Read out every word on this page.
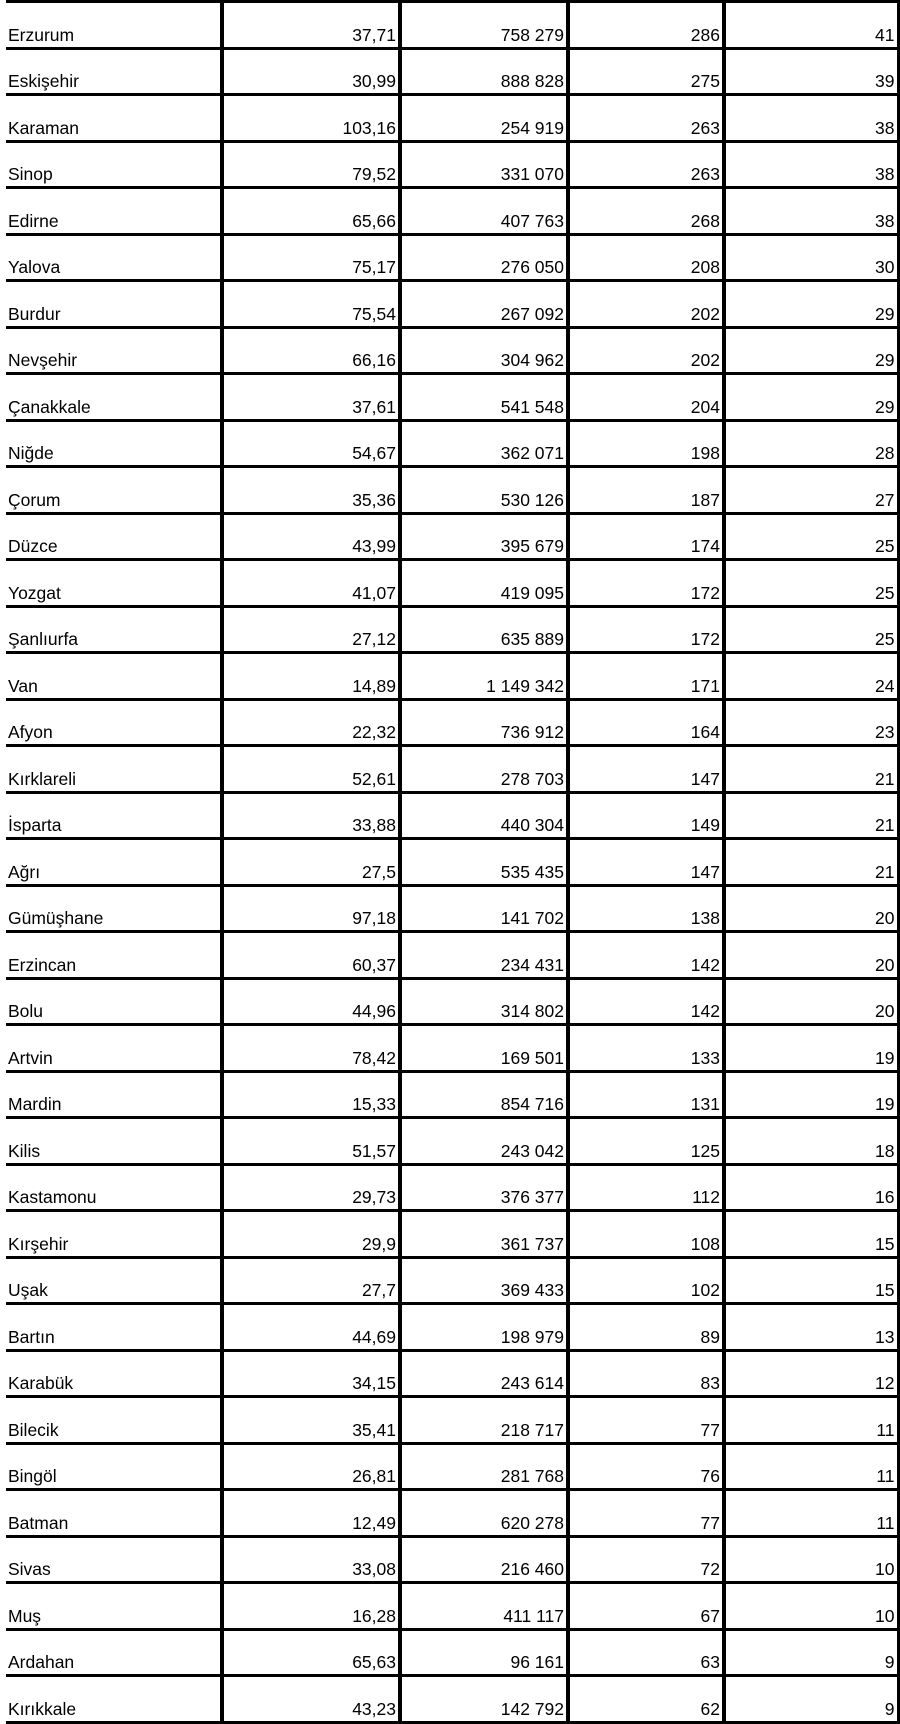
Erzurum	37,71	758 279	286	41
Eskişehir	30,99	888 828	275	39
Karaman	103,16	254 919	263	38
Sinop	79,52	331 070	263	38
Edirne	65,66	407 763	268	38
Yalova	75,17	276 050	208	30
Burdur	75,54	267 092	202	29
Nevşehir	66,16	304 962	202	29
Çanakkale	37,61	541 548	204	29
Niğde	54,67	362 071	198	28
Çorum	35,36	530 126	187	27
Düzce	43,99	395 679	174	25
Yozgat	41,07	419 095	172	25
Şanlıurfa	27,12	635 889	172	25
Van	14,89	1 149 342	171	24
Afyon	22,32	736 912	164	23
Kırklareli	52,61	278 703	147	21
İsparta	33,88	440 304	149	21
Ağrı	27,5	535 435	147	21
Gümüşhane	97,18	141 702	138	20
Erzincan	60,37	234 431	142	20
Bolu	44,96	314 802	142	20
Artvin	78,42	169 501	133	19
Mardin	15,33	854 716	131	19
Kilis	51,57	243 042	125	18
Kastamonu	29,73	376 377	112	16
Kırşehir	29,9	361 737	108	15
Uşak	27,7	369 433	102	15
Bartın	44,69	198 979	89	13
Karabük	34,15	243 614	83	12
Bilecik	35,41	218 717	77	11
Bingöl	26,81	281 768	76	11
Batman	12,49	620 278	77	11
Sivas	33,08	216 460	72	10
Muş	16,28	411 117	67	10
Ardahan	65,63	96 161	63	9
Kırıkkale	43,23	142 792	62	9
